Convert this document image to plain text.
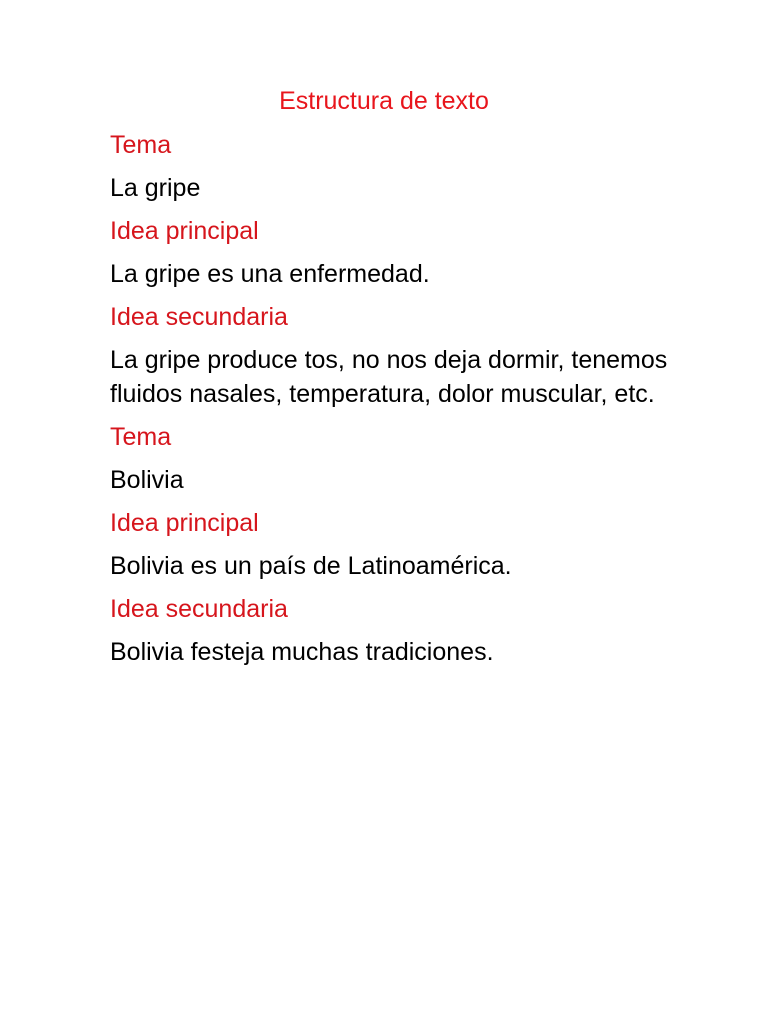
Estructura de texto
Tema
La gripe
Idea principal
La gripe es una enfermedad.
Idea secundaria
La gripe produce tos, no nos deja dormir, tenemos fluidos nasales, temperatura, dolor muscular, etc.
Tema
Bolivia
Idea principal
Bolivia es un país de Latinoamérica.
Idea secundaria
Bolivia festeja muchas tradiciones.
